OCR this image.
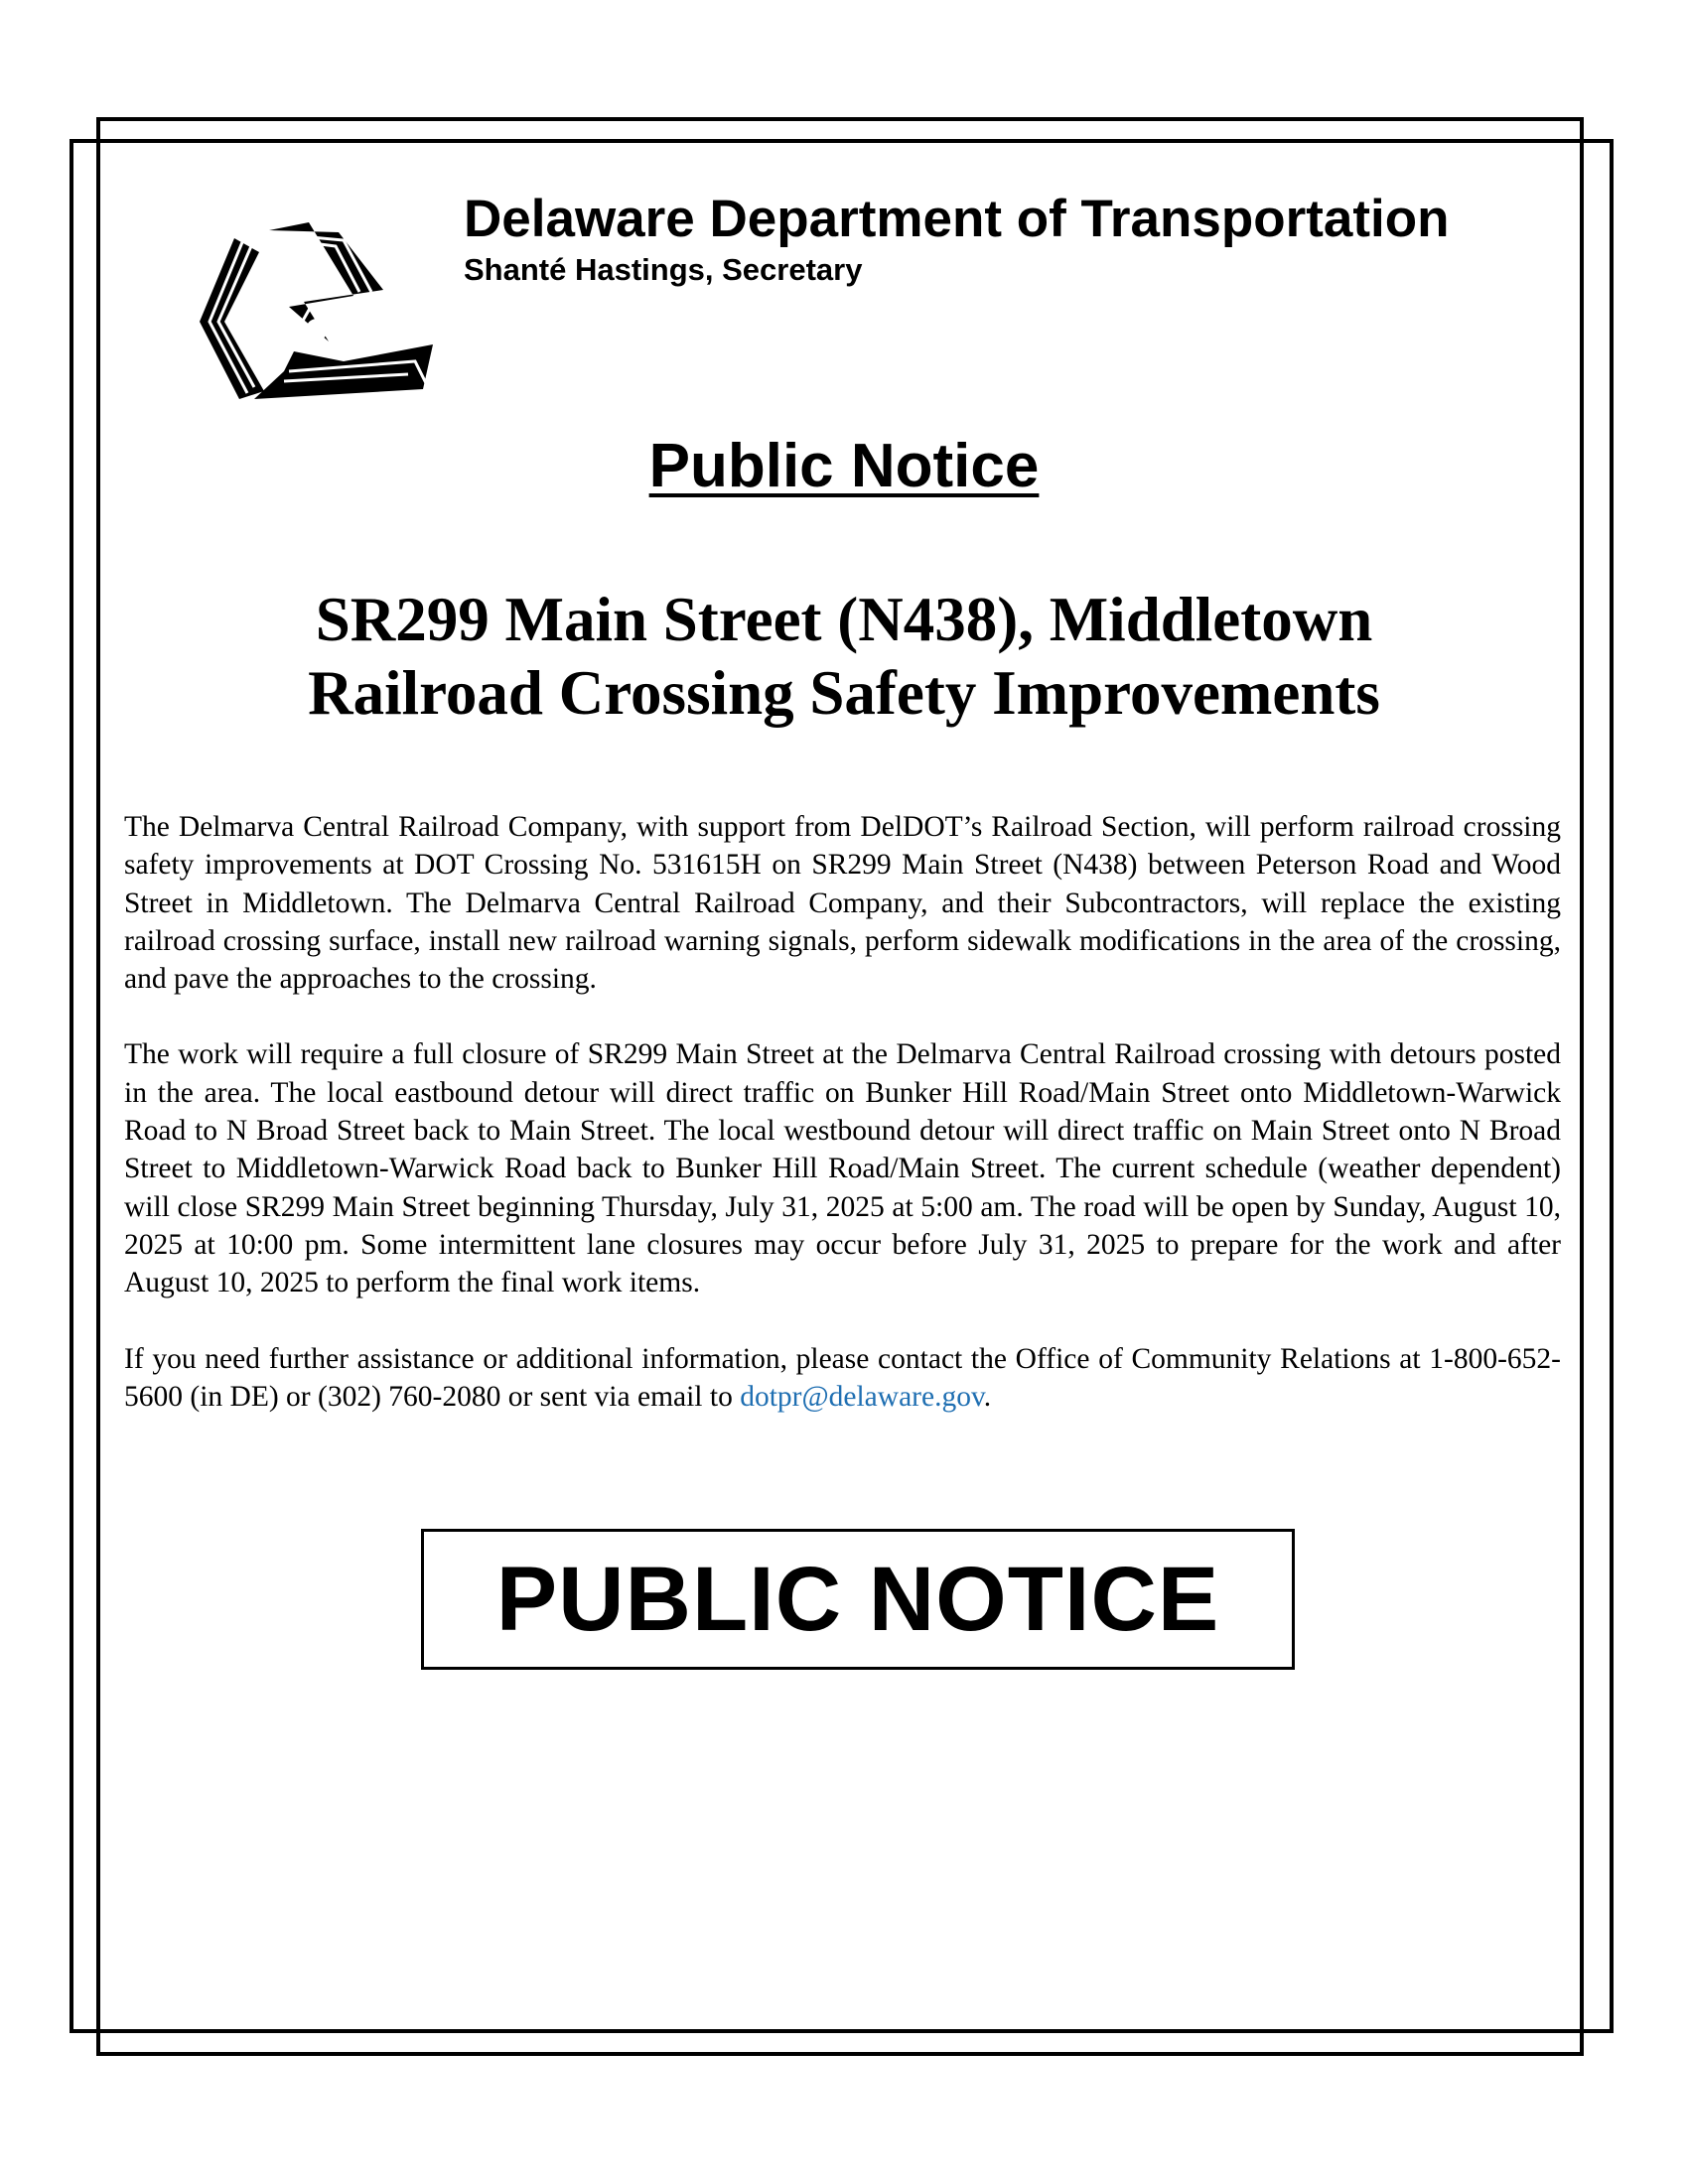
Delaware Department of Transportation
Shanté Hastings, Secretary
Public Notice
SR299 Main Street (N438), Middletown
Railroad Crossing Safety Improvements

The Delmarva Central Railroad Company, with support from DelDOT’s Railroad Section, will perform railroad crossing safety improvements at DOT Crossing No. 531615H on SR299 Main Street (N438) between Peterson Road and Wood Street in Middletown. The Delmarva Central Railroad Company, and their Subcontractors, will replace the existing railroad crossing surface, install new railroad warning signals, perform sidewalk modifications in the area of the crossing, and pave the approaches to the crossing.

The work will require a full closure of SR299 Main Street at the Delmarva Central Railroad crossing with detours posted in the area. The local eastbound detour will direct traffic on Bunker Hill Road/Main Street onto Middletown-Warwick Road to N Broad Street back to Main Street. The local westbound detour will direct traffic on Main Street onto N Broad Street to Middletown-Warwick Road back to Bunker Hill Road/Main Street. The current schedule (weather dependent) will close SR299 Main Street beginning Thursday, July 31, 2025 at 5:00 am. The road will be open by Sunday, August 10, 2025 at 10:00 pm. Some intermittent lane closures may occur before July 31, 2025 to prepare for the work and after August 10, 2025 to perform the final work items.

If you need further assistance or additional information, please contact the Office of Community Relations at 1-800-652-5600 (in DE) or (302) 760-2080 or sent via email to dotpr@delaware.gov.

PUBLIC NOTICE
